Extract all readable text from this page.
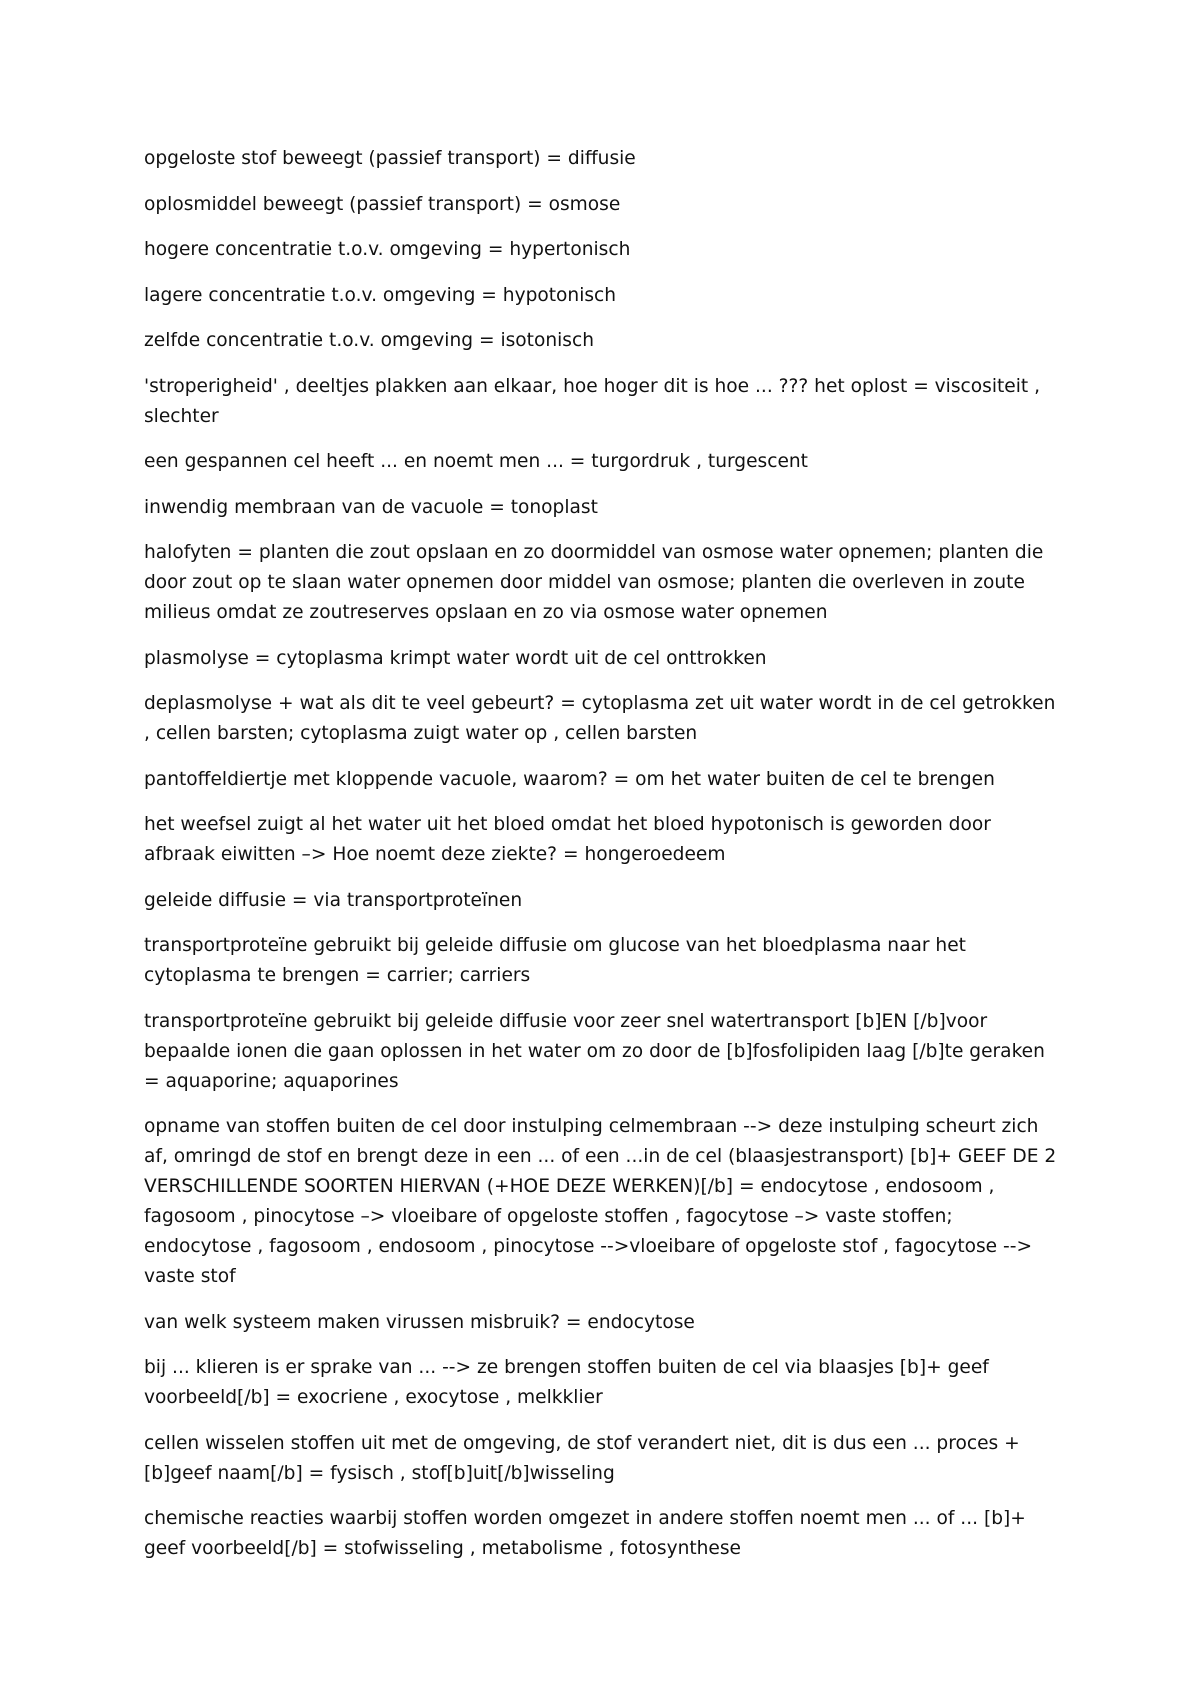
opgeloste stof beweegt (passief transport) = diffusie

oplosmiddel beweegt (passief transport) = osmose

hogere concentratie t.o.v. omgeving = hypertonisch

lagere concentratie t.o.v. omgeving = hypotonisch

zelfde concentratie t.o.v. omgeving = isotonisch

'stroperigheid' , deeltjes plakken aan elkaar, hoe hoger dit is hoe ... ??? het oplost = viscositeit , slechter

een gespannen cel heeft ... en noemt men ... = turgordruk , turgescent

inwendig membraan van de vacuole = tonoplast

halofyten = planten die zout opslaan en zo doormiddel van osmose water opnemen; planten die door zout op te slaan water opnemen door middel van osmose; planten die overleven in zoute milieus omdat ze zoutreserves opslaan en zo via osmose water opnemen

plasmolyse = cytoplasma krimpt water wordt uit de cel onttrokken

deplasmolyse + wat als dit te veel gebeurt? = cytoplasma zet uit water wordt in de cel getrokken , cellen barsten; cytoplasma zuigt water op , cellen barsten

pantoffeldiertje met kloppende vacuole, waarom? = om het water buiten de cel te brengen

het weefsel zuigt al het water uit het bloed omdat het bloed hypotonisch is geworden door afbraak eiwitten –> Hoe noemt deze ziekte? = hongeroedeem

geleide diffusie = via transportproteïnen

transportproteïne gebruikt bij geleide diffusie om glucose van het bloedplasma naar het cytoplasma te brengen = carrier; carriers

transportproteïne gebruikt bij geleide diffusie voor zeer snel watertransport [b]EN [/b]voor bepaalde ionen die gaan oplossen in het water om zo door de [b]fosfolipiden laag [/b]te geraken = aquaporine; aquaporines

opname van stoffen buiten de cel door instulping celmembraan --> deze instulping scheurt zich af, omringd de stof en brengt deze in een ... of een ...in de cel (blaasjestransport) [b]+ GEEF DE 2 VERSCHILLENDE SOORTEN HIERVAN (+HOE DEZE WERKEN)[/b] = endocytose , endosoom , fagosoom , pinocytose –> vloeibare of opgeloste stoffen , fagocytose –> vaste stoffen; endocytose , fagosoom , endosoom , pinocytose -->vloeibare of opgeloste stof , fagocytose --> vaste stof

van welk systeem maken virussen misbruik? = endocytose

bij ... klieren is er sprake van ... --> ze brengen stoffen buiten de cel via blaasjes [b]+ geef voorbeeld[/b] = exocriene , exocytose , melkklier

cellen wisselen stoffen uit met de omgeving, de stof verandert niet, dit is dus een ... proces + [b]geef naam[/b] = fysisch , stof[b]uit[/b]wisseling

chemische reacties waarbij stoffen worden omgezet in andere stoffen noemt men ... of ... [b]+ geef voorbeeld[/b] = stofwisseling , metabolisme , fotosynthese
